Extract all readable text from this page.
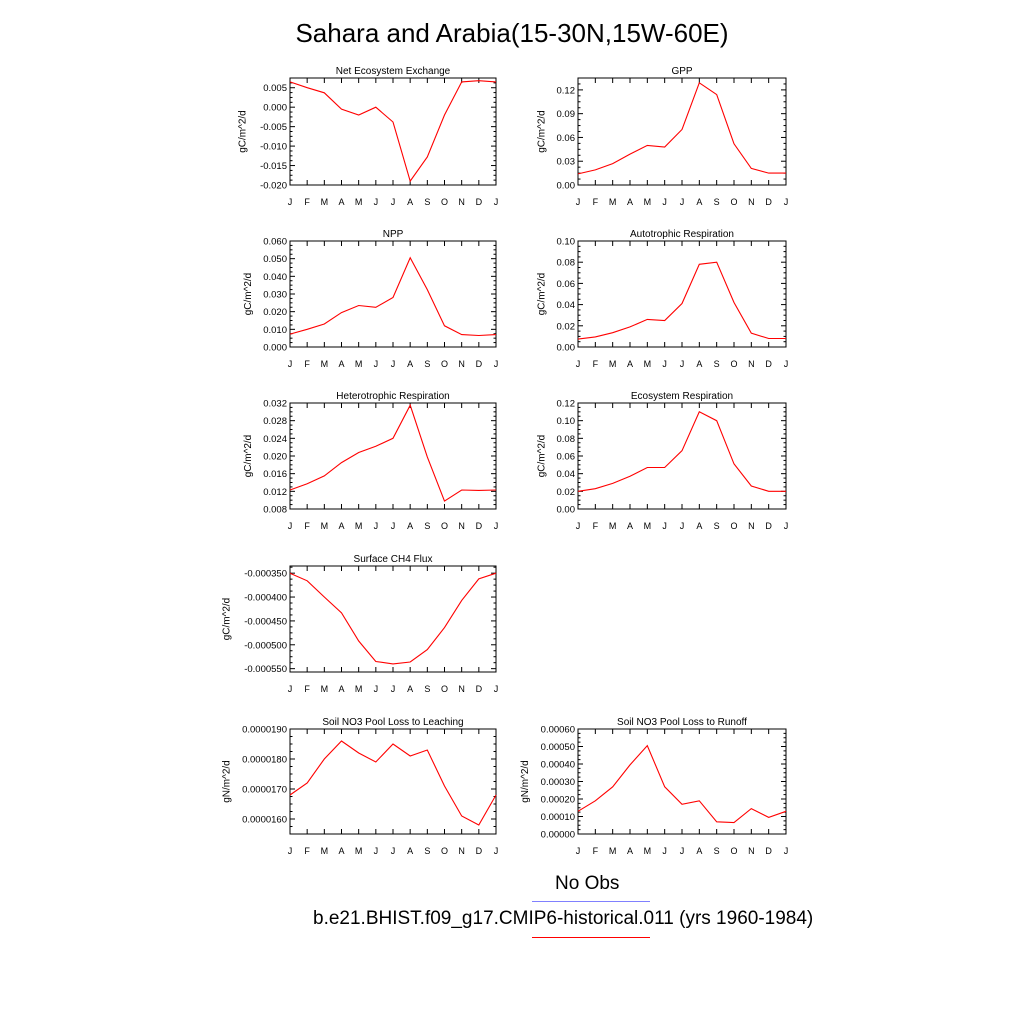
Sahara and Arabia(15-30N,15W-60E)
Net Ecosystem Exchange
J F M A M J J A S O N D J
0.005
0.000
-0.005
-0.010
-0.015
-0.020
gC/m^2/d
GPP
J F M A M J J A S O N D J
0.00
0.03
0.06
0.09
0.12
gC/m^2/d
NPP
J F M A M J J A S O N D J
0.000
0.010
0.020
0.030
0.040
0.050
0.060
gC/m^2/d
Autotrophic Respiration
J F M A M J J A S O N D J
0.00
0.02
0.04
0.06
0.08
0.10
gC/m^2/d
Heterotrophic Respiration
J F M A M J J A S O N D J
0.008
0.012
0.016
0.020
0.024
0.028
0.032
gC/m^2/d
Ecosystem Respiration
J F M A M J J A S O N D J
0.00
0.02
0.04
0.06
0.08
0.10
0.12
gC/m^2/d
Surface CH4 Flux
J F M A M J J A S O N D J
-0.000350
-0.000400
-0.000450
-0.000500
-0.000550
gC/m^2/d
Soil NO3 Pool Loss to Leaching
J F M A M J J A S O N D J
0.0000160
0.0000170
0.0000180
0.0000190
gN/m^2/d
Soil NO3 Pool Loss to Runoff
J F M A M J J A S O N D J
0.00000
0.00010
0.00020
0.00030
0.00040
0.00050
0.00060
gN/m^2/d
No Obs
b.e21.BHIST.f09_g17.CMIP6-historical.011 (yrs 1960-1984)
